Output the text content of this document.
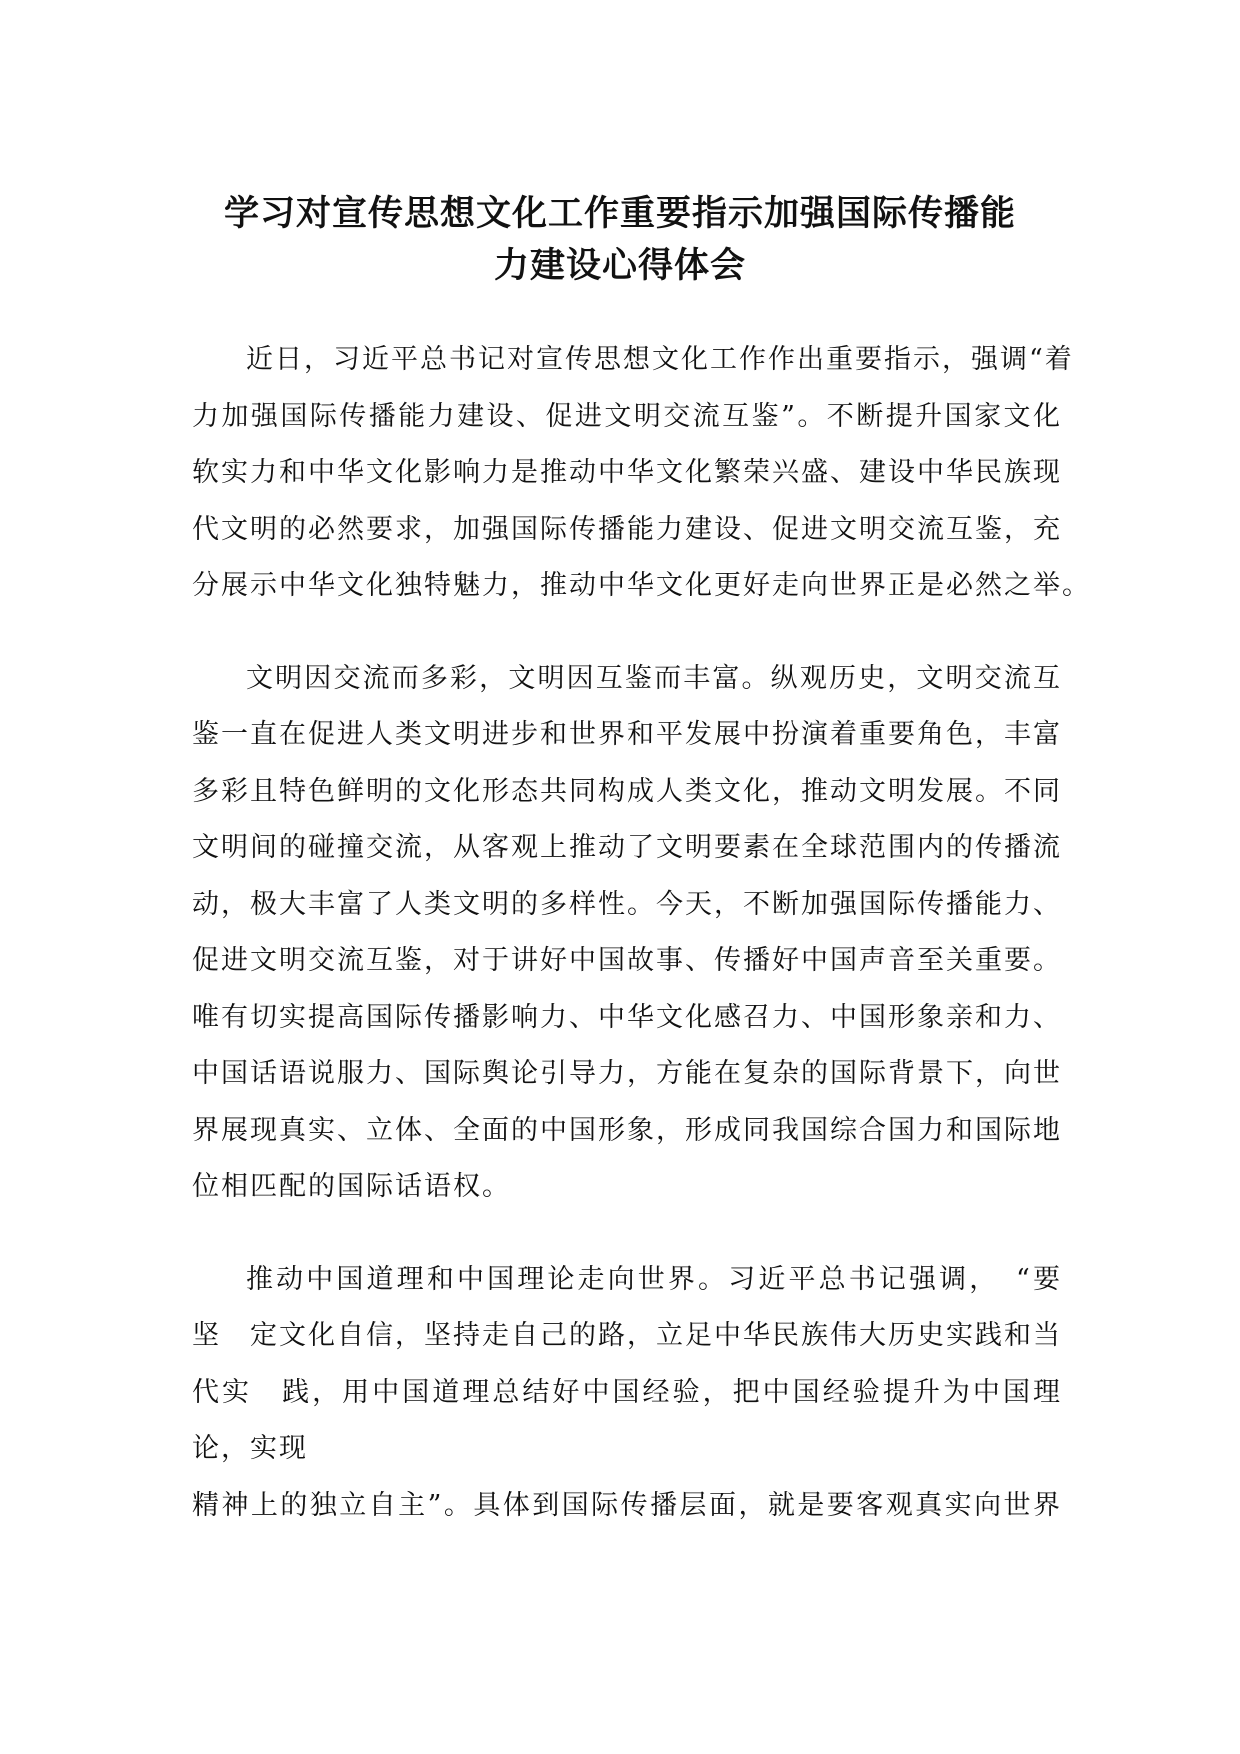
学习对宣传思想文化工作重要指示加强国际传播能
力建设心得体会
近日，习近平总书记对宣传思想文化工作作出重要指示，强调“着
力加强国际传播能力建设、促进文明交流互鉴”。不断提升国家文化
软实力和中华文化影响力是推动中华文化繁荣兴盛、建设中华民族现
代文明的必然要求，加强国际传播能力建设、促进文明交流互鉴，充
分展示中华文化独特魅力，推动中华文化更好走向世界正是必然之举。
文明因交流而多彩，文明因互鉴而丰富。纵观历史，文明交流互
鉴一直在促进人类文明进步和世界和平发展中扮演着重要角色，丰富
多彩且特色鲜明的文化形态共同构成人类文化，推动文明发展。不同
文明间的碰撞交流，从客观上推动了文明要素在全球范围内的传播流
动，极大丰富了人类文明的多样性。今天，不断加强国际传播能力、
促进文明交流互鉴，对于讲好中国故事、传播好中国声音至关重要。
唯有切实提高国际传播影响力、中华文化感召力、中国形象亲和力、
中国话语说服力、国际舆论引导力，方能在复杂的国际背景下，向世
界展现真实、立体、全面的中国形象，形成同我国综合国力和国际地
位相匹配的国际话语权。
推动中国道理和中国理论走向世界。习近平总书记强调，　“要
坚　定文化自信，坚持走自己的路，立足中华民族伟大历史实践和当
代实　践，用中国道理总结好中国经验，把中国经验提升为中国理
论，实现
精神上的独立自主”。具体到国际传播层面，就是要客观真实向世界
